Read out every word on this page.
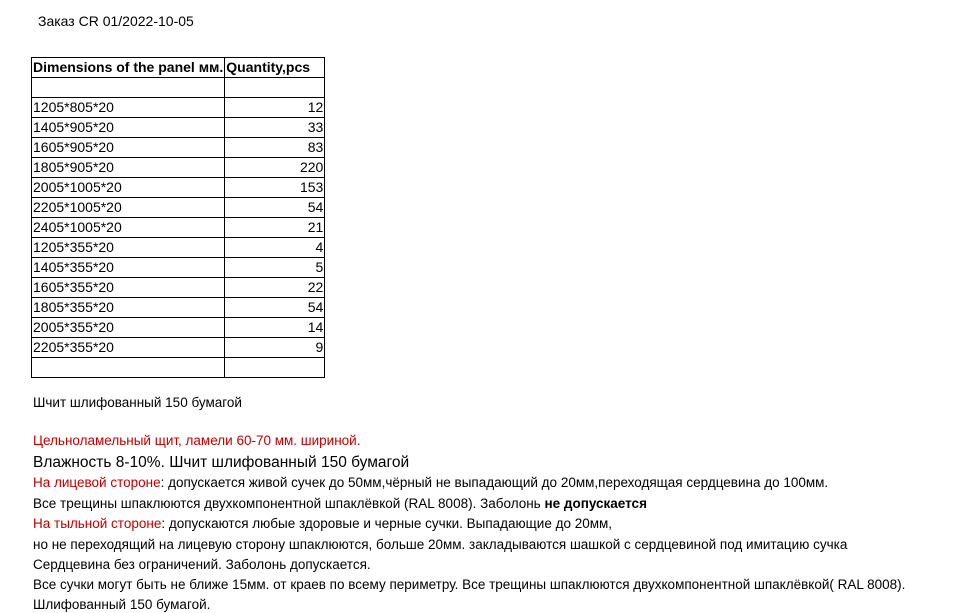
Заказ CR 01/2022-10-05
Dimensions of the panel мм.	Quantity,pcs

1205*805*20	12
1405*905*20	33
1605*905*20	83
1805*905*20	220
2005*1005*20	153
2205*1005*20	54
2405*1005*20	21
1205*355*20	4
1405*355*20	5
1605*355*20	22
1805*355*20	54
2005*355*20	14
2205*355*20	9

Шчит шлифованный 150 бумагой
Цельноламельный щит, ламели 60-70 мм. шириной.
Влажность 8-10%. Шчит шлифованный 150 бумагой
На лицевой стороне: допускается живой сучек до 50мм,чёрный не выпадающий до 20мм,переходящая сердцевина до 100мм.
Все трещины шпаклюются двухкомпонентной шпаклёвкой (RAL 8008). Заболонь не допускается
На тыльной стороне: допускаются любые здоровые и черные сучки. Выпадающие до 20мм,
но не переходящий на лицевую сторону шпаклюются, больше 20мм. закладываются шашкой с сердцевиной под имитацию сучка
Сердцевина без ограничений. Заболонь допускается.
Все сучки могут быть не ближе 15мм. от краев по всему периметру. Все трещины шпаклюются двухкомпонентной шпаклёвкой( RAL 8008).
Шлифованный 150 бумагой.
